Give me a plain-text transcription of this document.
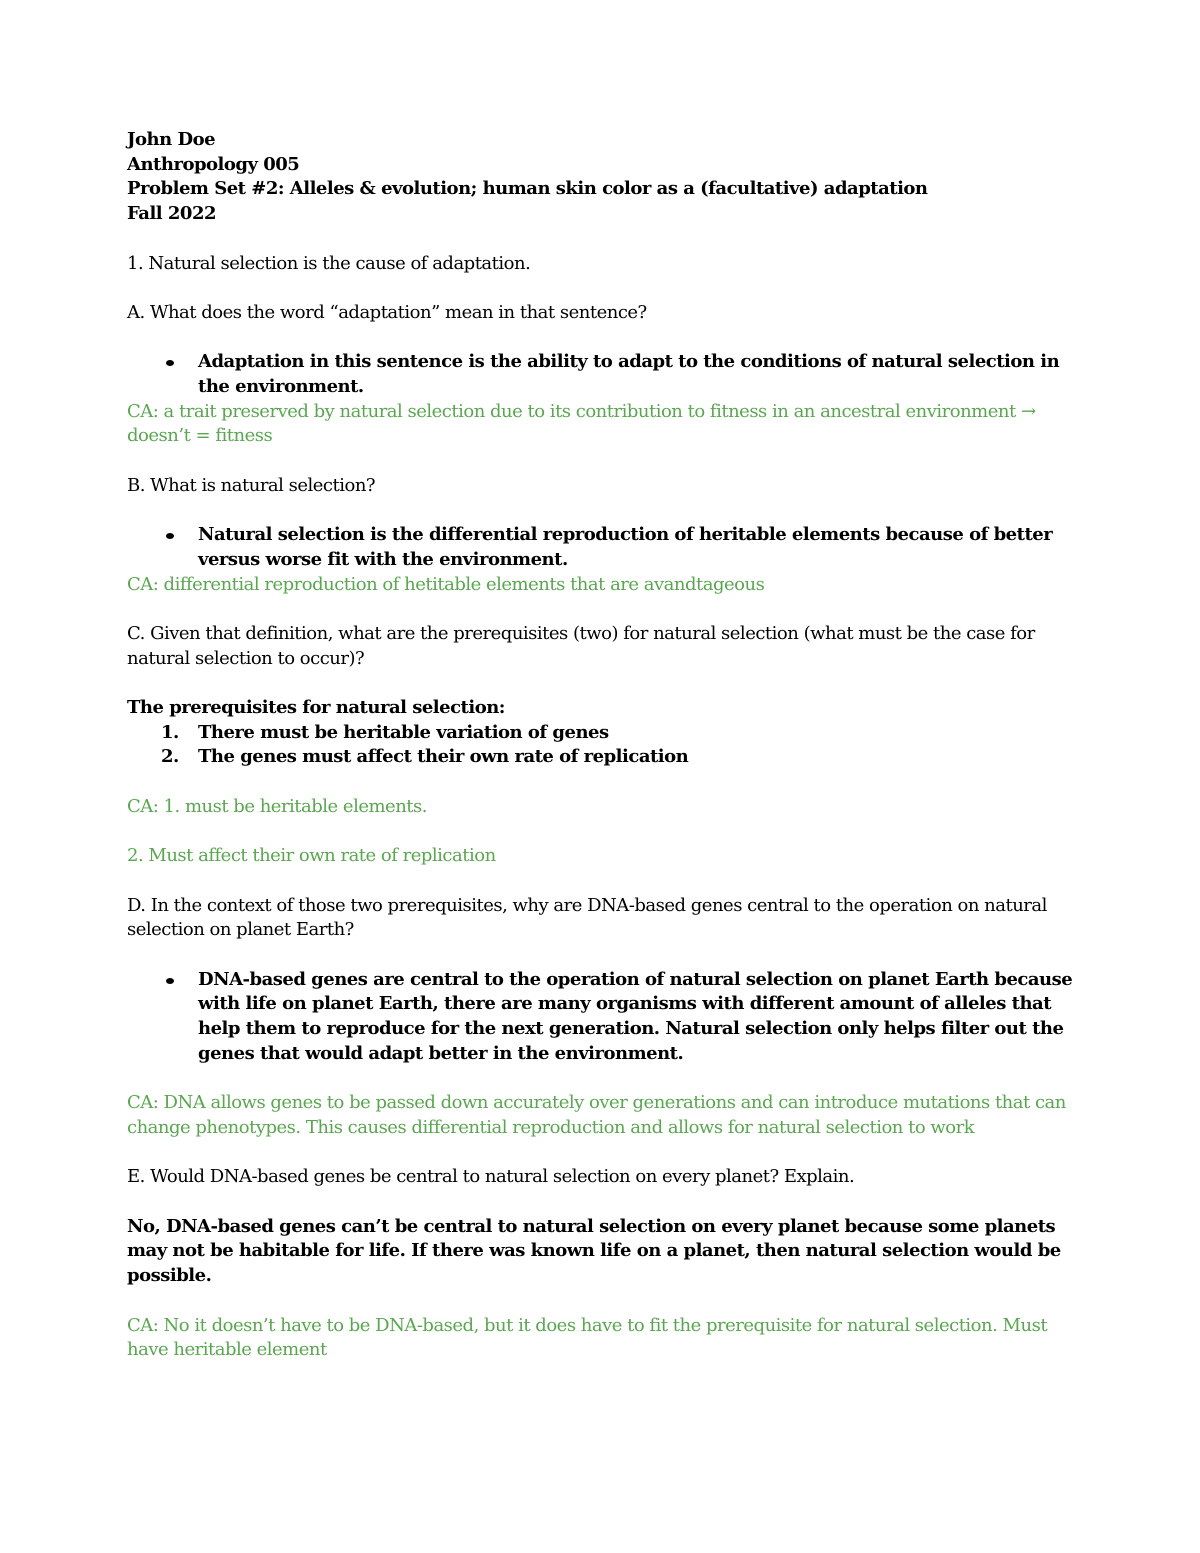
John Doe
Anthropology 005
Problem Set #2: Alleles & evolution; human skin color as a (facultative) adaptation
Fall 2022
1. Natural selection is the cause of adaptation.
A. What does the word “adaptation” mean in that sentence?
Adaptation in this sentence is the ability to adapt to the conditions of natural selection in the environment.
CA: a trait preserved by natural selection due to its contribution to fitness in an ancestral environment → doesn’t = fitness
B. What is natural selection?
Natural selection is the differential reproduction of heritable elements because of better versus worse fit with the environment.
CA: differential reproduction of hetitable elements that are avandtageous
C. Given that definition, what are the prerequisites (two) for natural selection (what must be the case for natural selection to occur)?
The prerequisites for natural selection:
1. There must be heritable variation of genes
2. The genes must affect their own rate of replication
CA: 1. must be heritable elements.
2. Must affect their own rate of replication
D. In the context of those two prerequisites, why are DNA-based genes central to the operation on natural selection on planet Earth?
DNA-based genes are central to the operation of natural selection on planet Earth because with life on planet Earth, there are many organisms with different amount of alleles that help them to reproduce for the next generation. Natural selection only helps filter out the genes that would adapt better in the environment.
CA: DNA allows genes to be passed down accurately over generations and can introduce mutations that can change phenotypes. This causes differential reproduction and allows for natural selection to work
E. Would DNA-based genes be central to natural selection on every planet? Explain.
No, DNA-based genes can’t be central to natural selection on every planet because some planets may not be habitable for life. If there was known life on a planet, then natural selection would be possible.
CA: No it doesn’t have to be DNA-based, but it does have to fit the prerequisite for natural selection. Must have heritable element
